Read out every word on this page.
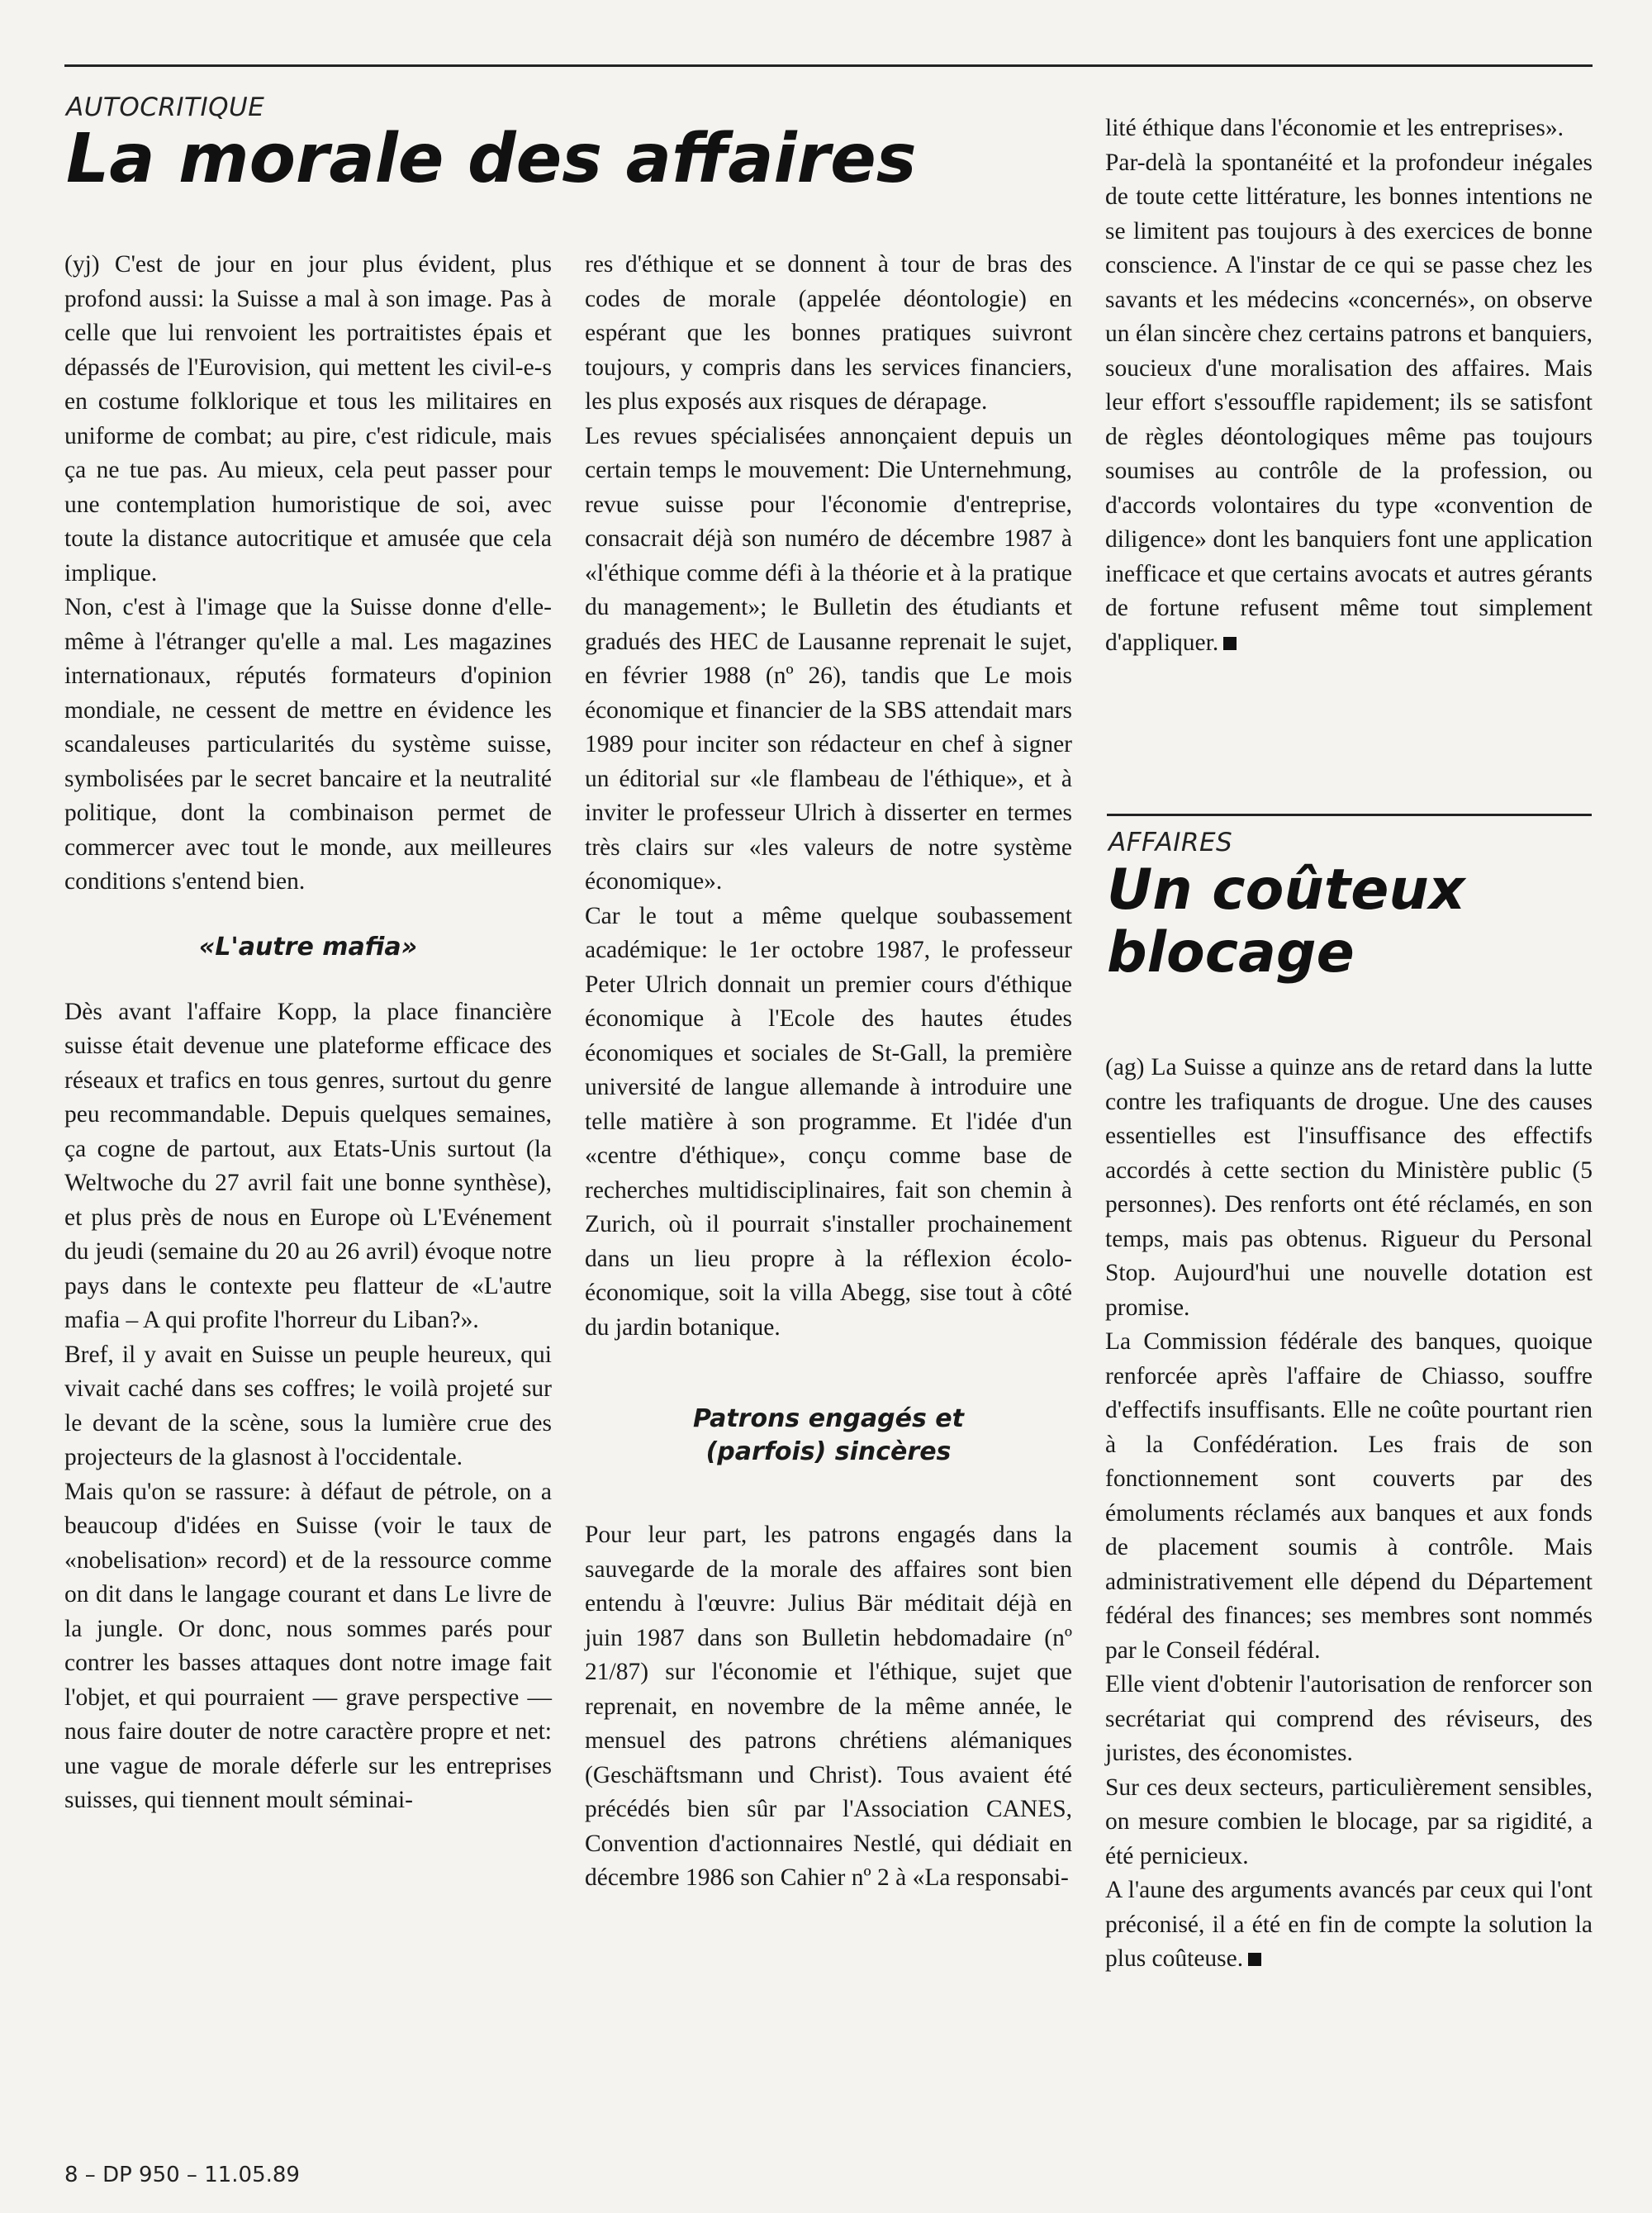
AUTOCRITIQUE

La morale des affaires

(yj) C'est de jour en jour plus évident, plus profond aussi: la Suisse a mal à son image. Pas à celle que lui renvoient les portraitistes épais et dépassés de l'Eurovision, qui mettent les civil-e-s en costume folklorique et tous les militaires en uniforme de combat; au pire, c'est ridicule, mais ça ne tue pas. Au mieux, cela peut passer pour une contemplation humoristique de soi, avec toute la distance autocritique et amusée que cela implique.

Non, c'est à l'image que la Suisse donne d'elle-même à l'étranger qu'elle a mal. Les magazines internationaux, réputés formateurs d'opinion mondiale, ne cessent de mettre en évidence les scandaleuses particularités du système suisse, symbolisées par le secret bancaire et la neutralité politique, dont la combinaison permet de commercer avec tout le monde, aux meilleures conditions s'entend bien.

«L'autre mafia»

Dès avant l'affaire Kopp, la place financière suisse était devenue une plateforme efficace des réseaux et trafics en tous genres, surtout du genre peu recommandable. Depuis quelques semaines, ça cogne de partout, aux Etats-Unis surtout (la Weltwoche du 27 avril fait une bonne synthèse), et plus près de nous en Europe où L'Evénement du jeudi (semaine du 20 au 26 avril) évoque notre pays dans le contexte peu flatteur de «L'autre mafia – A qui profite l'horreur du Liban?».

Bref, il y avait en Suisse un peuple heureux, qui vivait caché dans ses coffres; le voilà projeté sur le devant de la scène, sous la lumière crue des projecteurs de la glasnost à l'occidentale.

Mais qu'on se rassure: à défaut de pétrole, on a beaucoup d'idées en Suisse (voir le taux de «nobelisation» record) et de la ressource comme on dit dans le langage courant et dans Le livre de la jungle. Or donc, nous sommes parés pour contrer les basses attaques dont notre image fait l'objet, et qui pourraient — grave perspective — nous faire douter de notre caractère propre et net: une vague de morale déferle sur les entreprises suisses, qui tiennent moult séminai-

res d'éthique et se donnent à tour de bras des codes de morale (appelée déontologie) en espérant que les bonnes pratiques suivront toujours, y compris dans les services financiers, les plus exposés aux risques de dérapage.

Les revues spécialisées annonçaient depuis un certain temps le mouvement: Die Unternehmung, revue suisse pour l'économie d'entreprise, consacrait déjà son numéro de décembre 1987 à «l'éthique comme défi à la théorie et à la pratique du management»; le Bulletin des étudiants et gradués des HEC de Lausanne reprenait le sujet, en février 1988 (nº 26), tandis que Le mois économique et financier de la SBS attendait mars 1989 pour inciter son rédacteur en chef à signer un éditorial sur «le flambeau de l'éthique», et à inviter le professeur Ulrich à disserter en termes très clairs sur «les valeurs de notre système économique».

Car le tout a même quelque soubassement académique: le 1er octobre 1987, le professeur Peter Ulrich donnait un premier cours d'éthique économique à l'Ecole des hautes études économiques et sociales de St-Gall, la première université de langue allemande à introduire une telle matière à son programme. Et l'idée d'un «centre d'éthique», conçu comme base de recherches multidisciplinaires, fait son chemin à Zurich, où il pourrait s'installer prochainement dans un lieu propre à la réflexion écolo-économique, soit la villa Abegg, sise tout à côté du jardin botanique.

Patrons engagés et (parfois) sincères

Pour leur part, les patrons engagés dans la sauvegarde de la morale des affaires sont bien entendu à l'œuvre: Julius Bär méditait déjà en juin 1987 dans son Bulletin hebdomadaire (nº 21/87) sur l'économie et l'éthique, sujet que reprenait, en novembre de la même année, le mensuel des patrons chrétiens alémaniques (Geschäftsmann und Christ). Tous avaient été précédés bien sûr par l'Association CANES, Convention d'actionnaires Nestlé, qui dédiait en décembre 1986 son Cahier nº 2 à «La responsabi-

lité éthique dans l'économie et les entreprises».

Par-delà la spontanéité et la profondeur inégales de toute cette littérature, les bonnes intentions ne se limitent pas toujours à des exercices de bonne conscience. A l'instar de ce qui se passe chez les savants et les médecins «concernés», on observe un élan sincère chez certains patrons et banquiers, soucieux d'une moralisation des affaires. Mais leur effort s'essouffle rapidement; ils se satisfont de règles déontologiques même pas toujours soumises au contrôle de la profession, ou d'accords volontaires du type «convention de diligence» dont les banquiers font une application inefficace et que certains avocats et autres gérants de fortune refusent même tout simplement d'appliquer.

AFFAIRES

Un coûteux
blocage

(ag) La Suisse a quinze ans de retard dans la lutte contre les trafiquants de drogue. Une des causes essentielles est l'insuffisance des effectifs accordés à cette section du Ministère public (5 personnes). Des renforts ont été réclamés, en son temps, mais pas obtenus. Rigueur du Personal Stop. Aujourd'hui une nouvelle dotation est promise.

La Commission fédérale des banques, quoique renforcée après l'affaire de Chiasso, souffre d'effectifs insuffisants. Elle ne coûte pourtant rien à la Confédération. Les frais de son fonctionnement sont couverts par des émoluments réclamés aux banques et aux fonds de placement soumis à contrôle. Mais administrativement elle dépend du Département fédéral des finances; ses membres sont nommés par le Conseil fédéral.

Elle vient d'obtenir l'autorisation de renforcer son secrétariat qui comprend des réviseurs, des juristes, des économistes.

Sur ces deux secteurs, particulièrement sensibles, on mesure combien le blocage, par sa rigidité, a été pernicieux.

A l'aune des arguments avancés par ceux qui l'ont préconisé, il a été en fin de compte la solution la plus coûteuse.

8 – DP 950 – 11.05.89
